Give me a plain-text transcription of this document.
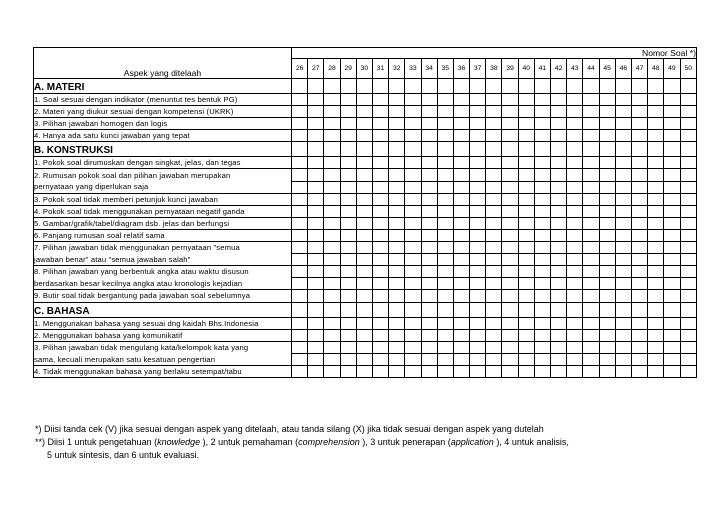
Aspek yang ditelaah	Nomor Soal *)																								
	26	27	28	29	30	31	32	33	34	35	36	37	38	39	40	41	42	43	44	45	46	47	48	49	50
A. MATERI																									
1. Soal sesuai dengan indikator (menuntut tes bentuk PG)																									
2. Materi yang diukur sesuai dengan kompetensi (UKRK)																									
3. Pilihan jawaban homogen dan logis																									
4. Hanya ada satu kunci jawaban yang tepat																									
B. KONSTRUKSI																									
1. Pokok soal dirumuskan dengan singkat, jelas, dan tegas																									
2. Rumusan pokok soal dan pilihan jawaban merupakan																									
pernyataan yang diperlukan saja																									
3. Pokok soal tidak memberi petunjuk kunci jawaban																									
4. Pokok soal tidak menggunakan pernyataan negatif ganda																									
5. Gambar/grafik/tabel/diagram dsb. jelas dan berfungsi																									
6. Panjang rumusan soal relatif sama																									
7. Pilihan jawaban tidak menggunakan pernyataan "semua																									
jawaban benar" atau "semua jawaban salah"																									
8. Pilihan jawaban yang berbentuk angka atau waktu disusun																									
berdasarkan besar kecilnya angka atau kronologis kejadian																									
9. Butir soal tidak bergantung pada jawaban soal sebelumnya																									
C. BAHASA																									
1. Menggunakan bahasa yang sesuai dng kaidah Bhs.Indonesia																									
2. Menggunakan bahasa yang komunikatif																									
3. Pilihan jawaban tidak mengulang kata/kelompok kata yang																									
sama, kecuali merupakan satu kesatuan pengertian																									
4. Tidak menggunakan bahasa yang berlaku setempat/tabu																									
*) Diisi tanda cek (V) jika sesuai dengan aspek yang ditelaah, atau tanda silang (X) jika tidak sesuai dengan aspek yang dutelah
**) Diisi 1 untuk pengetahuan (knowledge ), 2 untuk pemahaman (comprehension ), 3 untuk penerapan (application ), 4 untuk analisis,
5 untuk sintesis, dan 6 untuk evaluasi.
